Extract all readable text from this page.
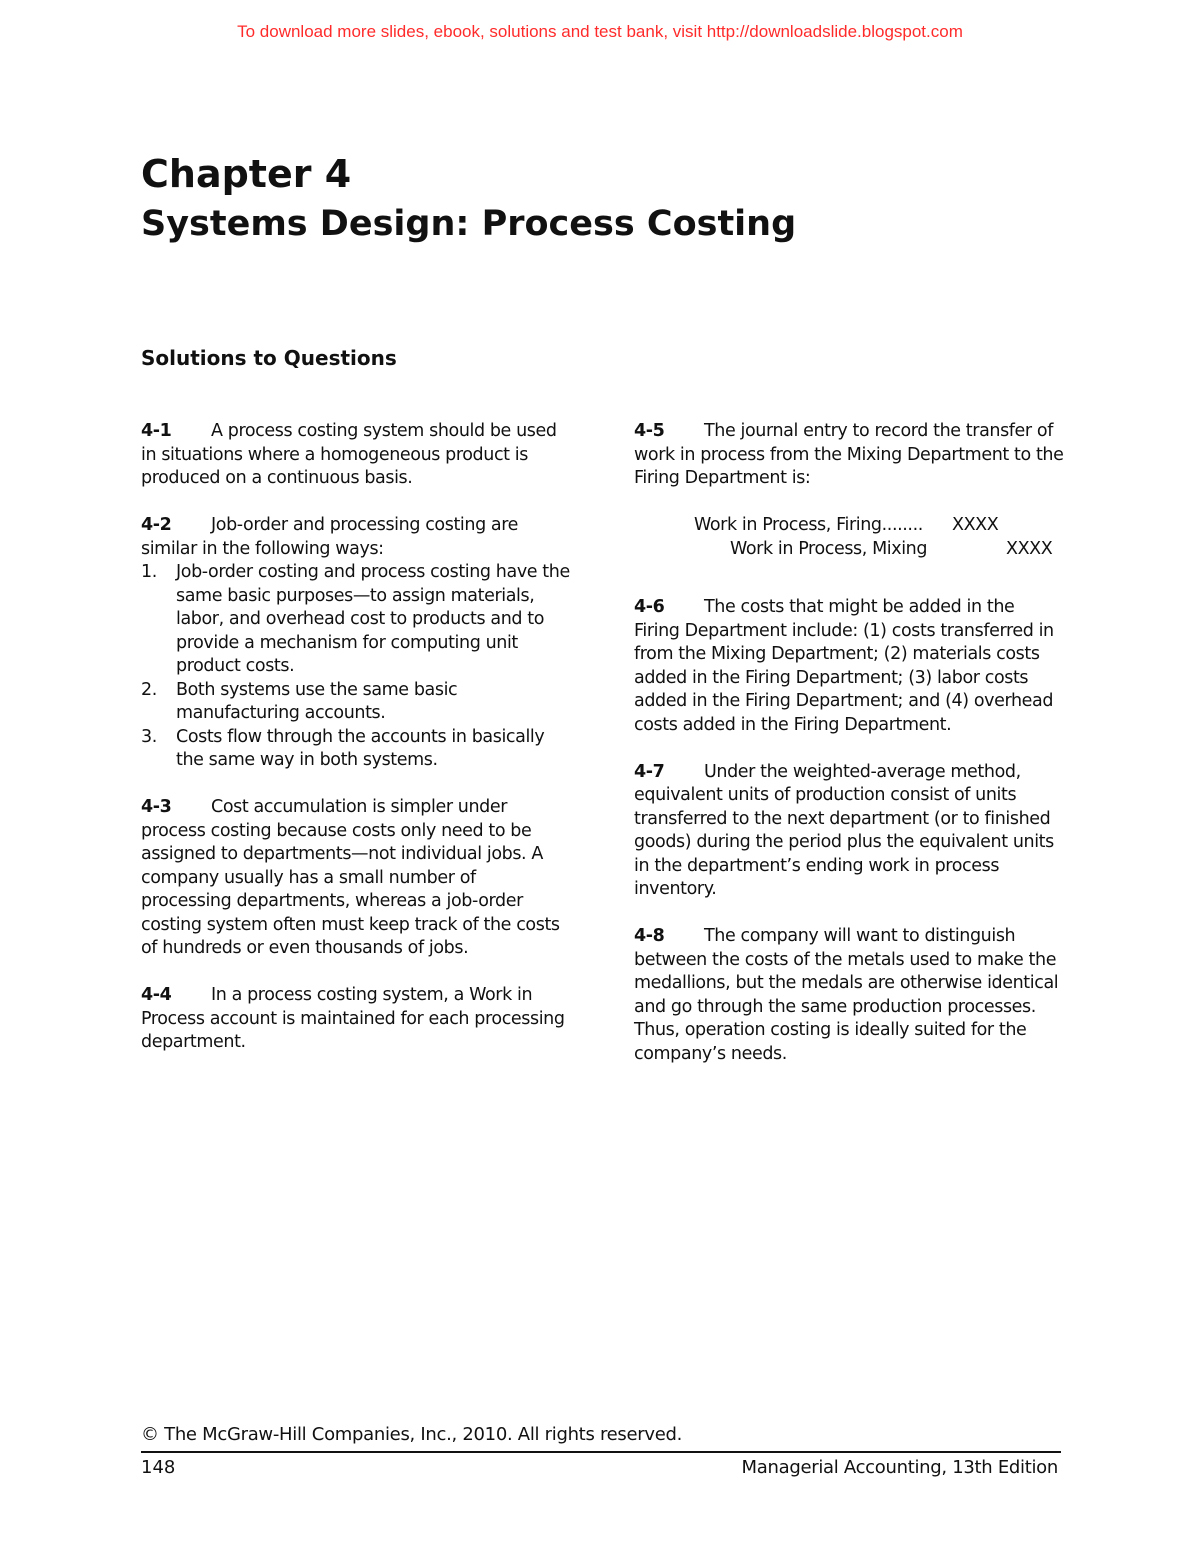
To download more slides, ebook, solutions and test bank, visit http://downloadslide.blogspot.com
Chapter 4
Systems Design: Process Costing
Solutions to Questions

4-1 A process costing system should be used in situations where a homogeneous product is produced on a continuous basis.

4-2 Job-order and processing costing are similar in the following ways:
1. Job-order costing and process costing have the same basic purposes—to assign materials, labor, and overhead cost to products and to provide a mechanism for computing unit product costs.
2. Both systems use the same basic manufacturing accounts.
3. Costs flow through the accounts in basically the same way in both systems.

4-3 Cost accumulation is simpler under process costing because costs only need to be assigned to departments—not individual jobs. A company usually has a small number of processing departments, whereas a job-order costing system often must keep track of the costs of hundreds or even thousands of jobs.

4-4 In a process costing system, a Work in Process account is maintained for each processing department.

4-5 The journal entry to record the transfer of work in process from the Mixing Department to the Firing Department is:

Work in Process, Firing........ XXXX
Work in Process, Mixing	XXXX

4-6 The costs that might be added in the Firing Department include: (1) costs transferred in from the Mixing Department; (2) materials costs added in the Firing Department; (3) labor costs added in the Firing Department; and (4) overhead costs added in the Firing Department.

4-7 Under the weighted-average method, equivalent units of production consist of units transferred to the next department (or to finished goods) during the period plus the equivalent units in the department’s ending work in process inventory.

4-8 The company will want to distinguish between the costs of the metals used to make the medallions, but the medals are otherwise identical and go through the same production processes. Thus, operation costing is ideally suited for the company’s needs.

© The McGraw-Hill Companies, Inc., 2010. All rights reserved.
148	Managerial Accounting, 13th Edition
